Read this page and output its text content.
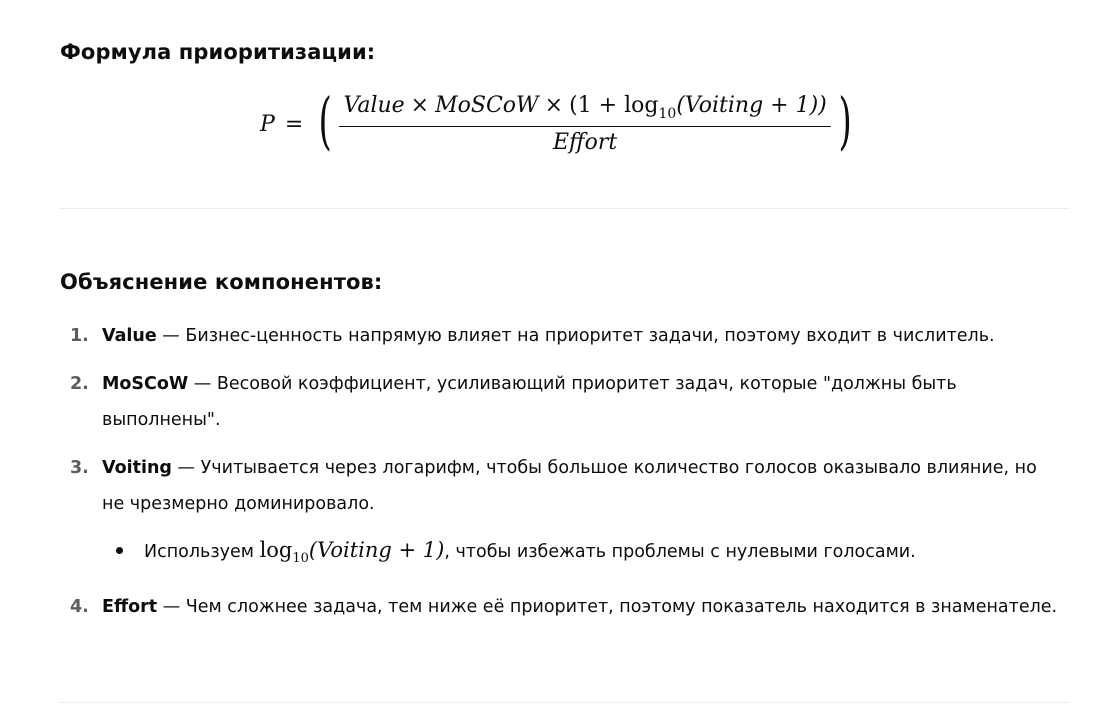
Формула приоритизации:
P = ( $\frac{Value \times MoSCoW \times (1 + \log_{10}(Voiting + 1))}{\text{Effort}}$ )
Объяснение компонентов:
1. Value — Бизнес-ценность напрямую влияет на приоритет задачи, поэтому входит в числитель.
2. MoSCoW — Весовой коэффициент, усиливающий приоритет задач, которые "должны быть выполнены".
3. Voiting — Учитывается через логарифм, чтобы большое количество голосов оказывало влияние, но не чрезмерно доминировало.
Используем $\log_{10}(Voiting + 1)$, чтобы избежать проблемы с нулевыми голосами.
4. Effort — Чем сложнее задача, тем ниже её приоритет, поэтому показатель находится в знаменателе.
